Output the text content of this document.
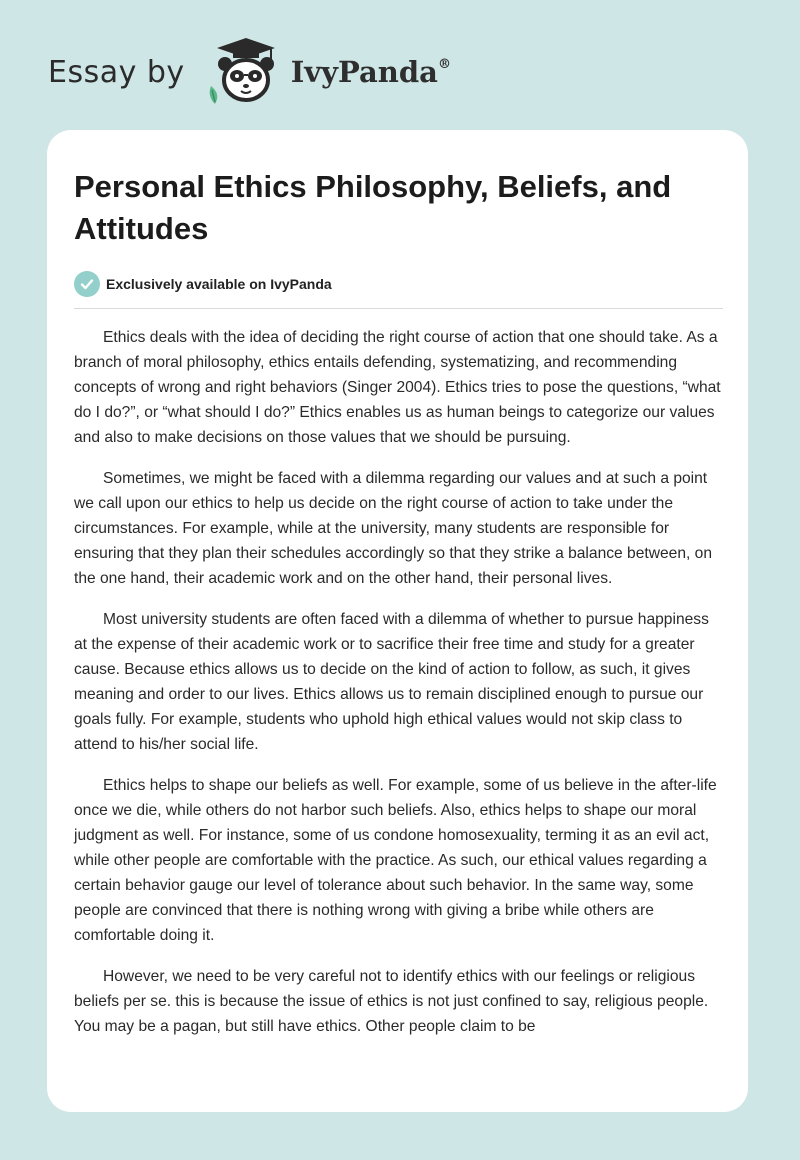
Essay by	IvyPanda®
Personal Ethics Philosophy, Beliefs, and Attitudes
Exclusively available on IvyPanda

Ethics deals with the idea of deciding the right course of action that one should take. As a branch of moral philosophy, ethics entails defending, systematizing, and recommending concepts of wrong and right behaviors (Singer 2004). Ethics tries to pose the questions, “what do I do?”, or “what should I do?” Ethics enables us as human beings to categorize our values and also to make decisions on those values that we should be pursuing.

Sometimes, we might be faced with a dilemma regarding our values and at such a point we call upon our ethics to help us decide on the right course of action to take under the circumstances. For example, while at the university, many students are responsible for ensuring that they plan their schedules accordingly so that they strike a balance between, on the one hand, their academic work and on the other hand, their personal lives.

Most university students are often faced with a dilemma of whether to pursue happiness at the expense of their academic work or to sacrifice their free time and study for a greater cause. Because ethics allows us to decide on the kind of action to follow, as such, it gives meaning and order to our lives. Ethics allows us to remain disciplined enough to pursue our goals fully. For example, students who uphold high ethical values would not skip class to attend to his/her social life.

Ethics helps to shape our beliefs as well. For example, some of us believe in the after-life once we die, while others do not harbor such beliefs. Also, ethics helps to shape our moral judgment as well. For instance, some of us condone homosexuality, terming it as an evil act, while other people are comfortable with the practice. As such, our ethical values regarding a certain behavior gauge our level of tolerance about such behavior. In the same way, some people are convinced that there is nothing wrong with giving a bribe while others are comfortable doing it.

However, we need to be very careful not to identify ethics with our feelings or religious beliefs per se. this is because the issue of ethics is not just confined to say, religious people. You may be a pagan, but still have ethics. Other people claim to be
